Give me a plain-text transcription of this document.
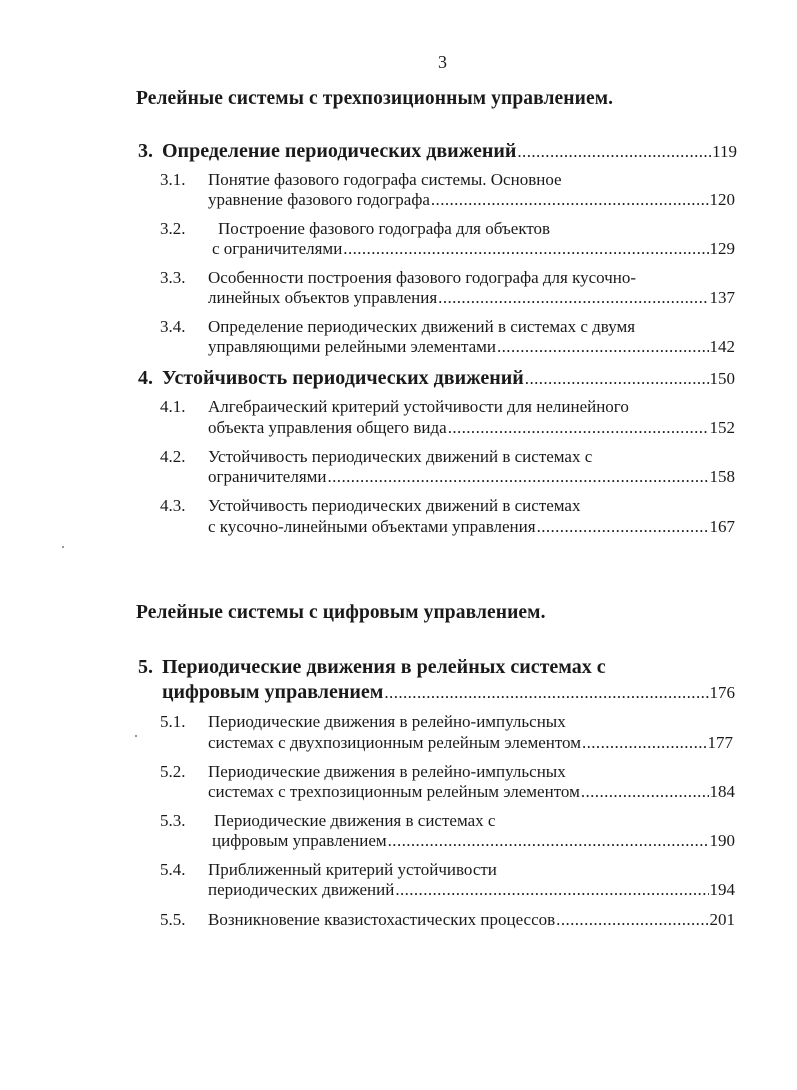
3
Релейные системы с трехпозиционным управлением.
3. Определение периодических движений .....	119
3.1. Понятие фазового годографа системы. Основное
уравнение фазового годографа .....	120
3.2. Построение фазового годографа для объектов
с ограничителями .....	129
3.3. Особенности построения фазового годографа для кусочно-
линейных объектов управления .....	137
3.4. Определение периодических движений в системах с двумя
управляющими релейными элементами .....	142
4. Устойчивость периодических движений .....	150
4.1. Алгебраический критерий устойчивости для нелинейного
объекта управления общего вида .....	152
4.2. Устойчивость периодических движений в системах с
ограничителями .....	158
4.3. Устойчивость периодических движений в системах
с кусочно-линейными объектами управления .....	167
Релейные системы с цифровым управлением.
5. Периодические движения в релейных системах с
цифровым управлением .....	176
5.1. Периодические движения в релейно-импульсных
системах с двухпозиционным релейным элементом .....	177
5.2. Периодические движения в релейно-импульсных
системах с трехпозиционным релейным элементом .....	184
5.3. Периодические движения в системах с
цифровым управлением .....	190
5.4. Приближенный критерий устойчивости
периодических движений .....	194
5.5. Возникновение квазистохастических процессов .....	201
